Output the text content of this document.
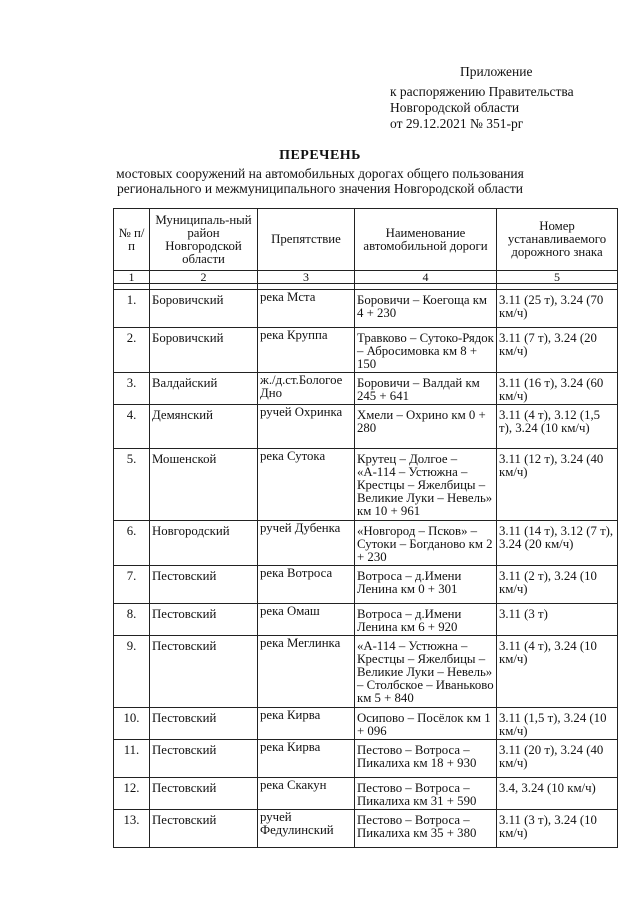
Приложение
к распоряжению Правительства
Новгородской области
от 29.12.2021 № 351-рг
ПЕРЕЧЕНЬ
мостовых сооружений на автомобильных дорогах общего пользования
регионального и межмуниципального значения Новгородской области
№ п/п	Муниципаль-ный район Новгородской области	Препятствие	Наименование автомобильной дороги	Номер устанавливаемого дорожного знака
1	2	3	4	5

1.	Боровичский	река Мста	Боровичи – Коегоща км 4 + 230	3.11 (25 т), 3.24 (70 км/ч)
2.	Боровичский	река Круппа	Травково – Сутоко-Рядок – Абросимовка км 8 + 150	3.11 (7 т), 3.24 (20 км/ч)
3.	Валдайский	ж./д.ст.Бологое Дно	Боровичи – Валдай км 245 + 641	3.11 (16 т), 3.24 (60 км/ч)
4.	Демянский	ручей Охринка	Хмели – Охрино км 0 + 280	3.11 (4 т), 3.12 (1,5 т), 3.24 (10 км/ч)
5.	Мошенской	река Сутока	Крутец – Долгое – «А-114 – Устюжна – Крестцы – Яжелбицы – Великие Луки – Невель» км 10 + 961	3.11 (12 т), 3.24 (40 км/ч)
6.	Новгородский	ручей Дубенка	«Новгород – Псков» – Сутоки – Богданово км 2 + 230	3.11 (14 т), 3.12 (7 т), 3.24 (20 км/ч)
7.	Пестовский	река Вотроса	Вотроса – д.Имени Ленина км 0 + 301	3.11 (2 т), 3.24 (10 км/ч)
8.	Пестовский	река Омаш	Вотроса – д.Имени Ленина км 6 + 920	3.11 (3 т)
9.	Пестовский	река Меглинка	«А-114 – Устюжна – Крестцы – Яжелбицы – Великие Луки – Невель» – Столбское – Иваньково км 5 + 840	3.11 (4 т), 3.24 (10 км/ч)
10.	Пестовский	река Кирва	Осипово – Посёлок км 1 + 096	3.11 (1,5 т), 3.24 (10 км/ч)
11.	Пестовский	река Кирва	Пестово – Вотроса – Пикалиха км 18 + 930	3.11 (20 т), 3.24 (40 км/ч)
12.	Пестовский	река Скакун	Пестово – Вотроса – Пикалиха км 31 + 590	3.4, 3.24 (10 км/ч)
13.	Пестовский	ручей Федулинский	Пестово – Вотроса – Пикалиха км 35 + 380	3.11 (3 т), 3.24 (10 км/ч)
